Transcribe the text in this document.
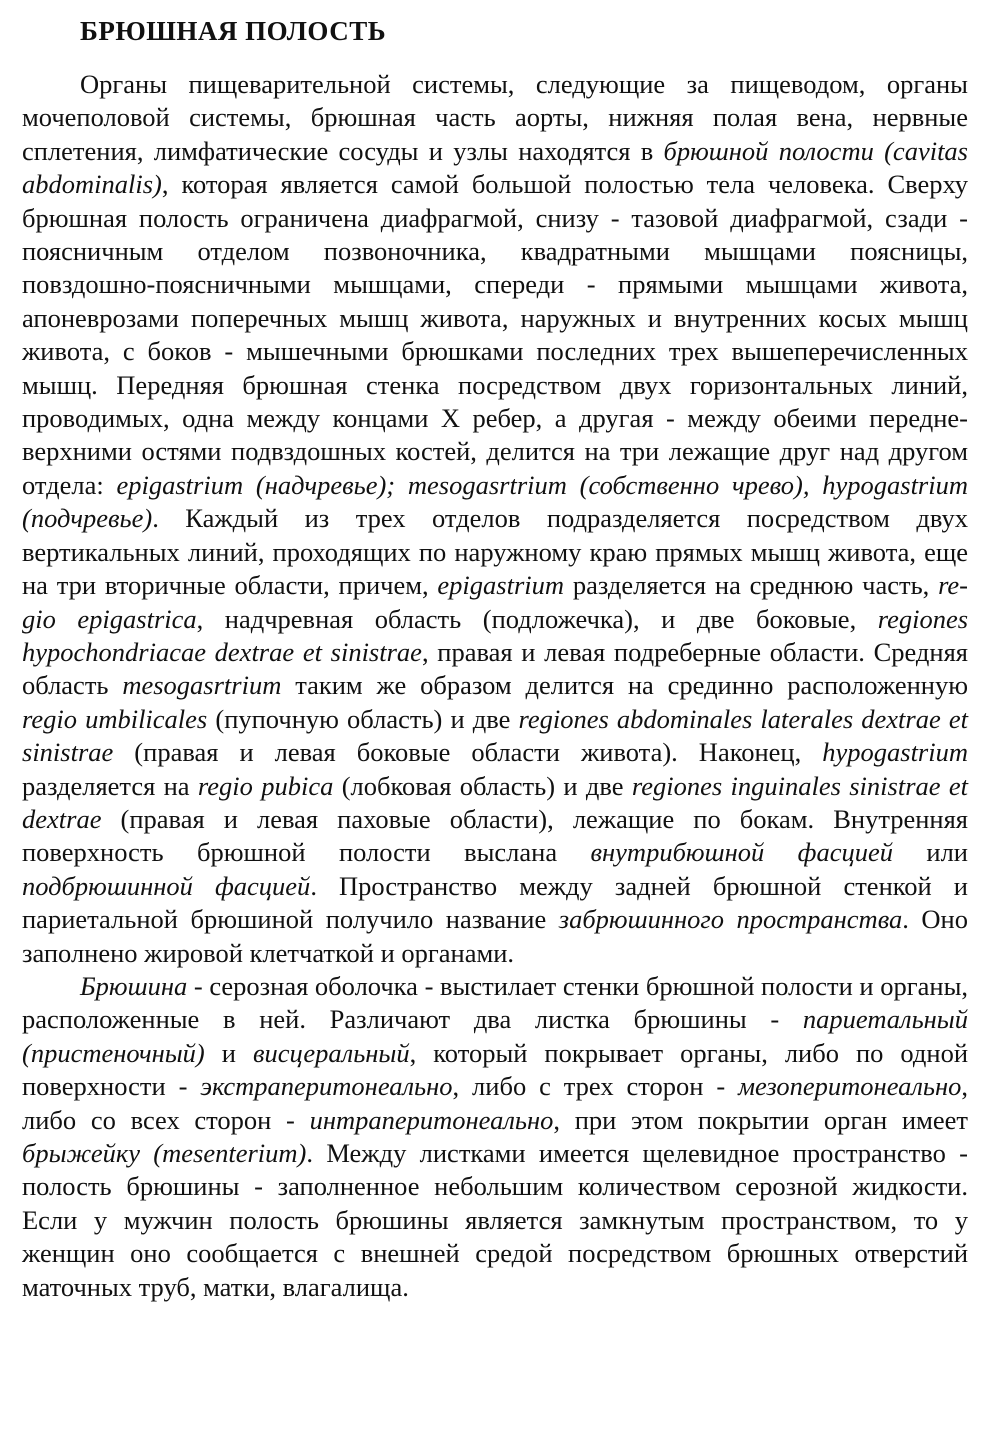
БРЮШНАЯ ПОЛОСТЬ

Органы пищеварительной системы, следующие за пищеводом, органы мочеполовой системы, брюшная часть аорты, нижняя полая вена, нервные сплетения, лимфатические сосуды и узлы находятся в брюшной полости (cavitas abdominalis), которая является самой большой полостью тела человека. Сверху брюшная полость ограничена диафрагмой, снизу - тазовой диафрагмой, сзади - поясничным отделом позвоночника, квадратными мышцами поясницы, повздошно-поясничными мышцами, спереди - прямыми мышцами живота, апоневрозами поперечных мышц живота, наружных и внутренних косых мышц живота, с боков - мышечными брюшками последних трех вышеперечисленных мышц. Передняя брюшная стенка посредством двух горизонтальных линий, проводимых, одна между концами X ребер, а другая - между обеими передне-верхними остями подвздошных костей, делится на три лежащие друг над другом отдела: epigastrium (надчревье); mesogasrtrium (собственно чрево), hypogastrium (подчревье). Каждый из трех отделов подразделяется посредством двух вертикальных линий, проходящих по наружному краю прямых мышц живота, еще на три вторичные области, причем, epigastrium разделяется на среднюю часть, regio epigastrica, надчревная область (подложечка), и две боковые, regiones hypochondriacae dextrae et sinistrae, правая и левая подреберные области. Средняя область mesogasrtrium таким же образом делится на срединно расположенную regio umbilicales (пупочную область) и две regiones abdominales laterales dextrae et sinistrae (правая и левая боковые области живота). Наконец, hypogastrium разделяется на regio pubica (лобковая область) и две regiones inguinales sinistrae et dextrae (правая и левая паховые области), лежащие по бокам. Внутренняя поверхность брюшной полости выслана внутрибюшной фасцией или подбрюшинной фасцией. Пространство между задней брюшной стенкой и париетальной брюшиной получило название забрюшинного пространства. Оно заполнено жировой клетчаткой и органами.

Брюшина - серозная оболочка - выстилает стенки брюшной полости и органы, расположенные в ней. Различают два листка брюшины - париетальный (пристеночный) и висцеральный, который покрывает органы, либо по одной поверхности - экстраперитонеально, либо с трех сторон - мезоперитонеально, либо со всех сторон - интраперитонеально, при этом покрытии орган имеет брыжейку (mesenterium). Между листками имеется щелевидное пространство - полость брюшины - заполненное небольшим количеством серозной жидкости. Если у мужчин полость брюшины является замкнутым пространством, то у женщин оно сообщается с внешней средой посредством брюшных отверстий маточных труб, матки, влагалища.
